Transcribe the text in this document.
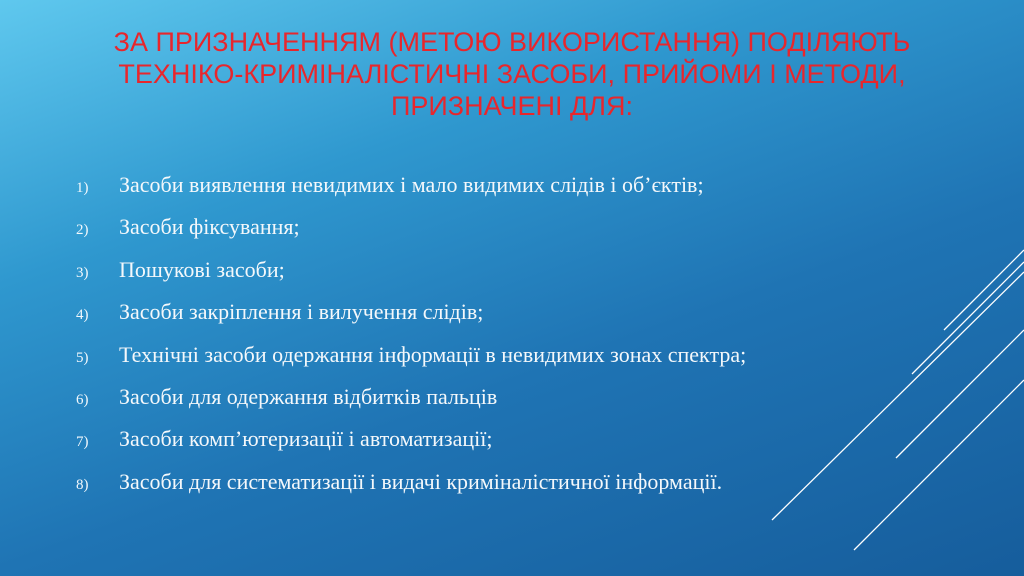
ЗА ПРИЗНАЧЕННЯМ (МЕТОЮ ВИКОРИСТАННЯ) ПОДІЛЯЮТЬ
ТЕХНІКО-КРИМІНАЛІСТИЧНІ ЗАСОБИ, ПРИЙОМИ І МЕТОДИ,
ПРИЗНАЧЕНІ ДЛЯ:
1)	Засоби виявлення невидимих і мало видимих слідів і об’єктів;
2)	Засоби фіксування;
3)	Пошукові засоби;
4)	Засоби закріплення і вилучення слідів;
5)	Технічні засоби одержання інформації в невидимих зонах спектра;
6)	Засоби для одержання відбитків пальців
7)	Засоби комп’ютеризації і автоматизації;
8)	Засоби для систематизації і видачі криміналістичної інформації.
